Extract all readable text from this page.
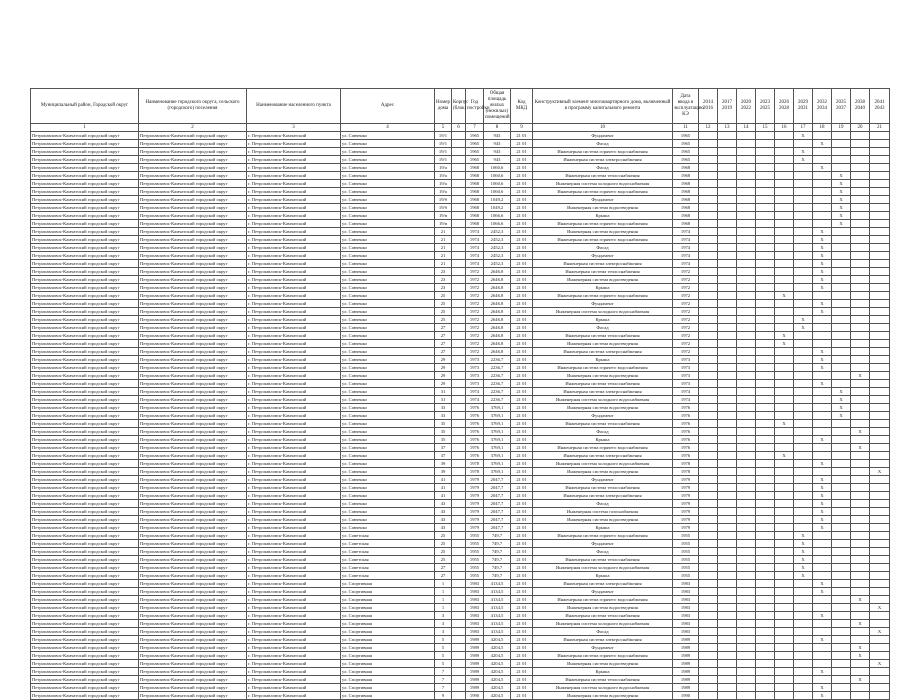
Муниципальный район, Городской округ	Наименование городского округа, сельского (городского) поселения	Наименование населенного пункта	Адрес	Номер дома	Корпус (блок)	Год постройки	Общая площадь жилых (нежилых) помещений	Код МКД	Конструктивный элемент многоквартирного дома, включенный в программу капитального ремонта	Дата ввода в эксплуатацию КЭ	2014 2016	2017 2019	2020 2022	2023 2025	2026 2028	2029 2031	2032 2034	2035 2037	2038 2040	2041 2043
1	2	3	4	5	6	7	8	9	10	11	12	13	14	15	16	17	18	19	20	21
Петропавловск-Камчатский городской округ	Петропавловск-Камчатский городской округ	г. Петропавловск-Камчатский	ул. Савченко	19/1		1965	943	21 01	Фундамент	1965						X				
Петропавловск-Камчатский городской округ	Петропавловск-Камчатский городской округ	г. Петропавловск-Камчатский	ул. Савченко	19/1		1965	943	21 01	Фасад	1965							X			
Петропавловск-Камчатский городской округ	Петропавловск-Камчатский городской округ	г. Петропавловск-Камчатский	ул. Савченко	19/1		1965	943	21 01	Инженерная система горячего водоснабжения	1965						X				
Петропавловск-Камчатский городской округ	Петропавловск-Камчатский городской округ	г. Петропавловск-Камчатский	ул. Савченко	19/1		1965	943	21 01	Инженерная система электроснабжения	1965						X				
Петропавловск-Камчатский городской округ	Петропавловск-Камчатский городской округ	г. Петропавловск-Камчатский	ул. Савченко	19/а		1968	1060,6	21 01	Фасад	1968							X			
Петропавловск-Камчатский городской округ	Петропавловск-Камчатский городской округ	г. Петропавловск-Камчатский	ул. Савченко	19/а		1968	1060,6	21 01	Инженерная система теплоснабжения	1968								X		
Петропавловск-Камчатский городской округ	Петропавловск-Камчатский городской округ	г. Петропавловск-Камчатский	ул. Савченко	19/а		1968	1060,6	21 01	Инженерная система холодного водоснабжения	1968								X		
Петропавловск-Камчатский городской округ	Петропавловск-Камчатский городской округ	г. Петропавловск-Камчатский	ул. Савченко	19/а		1968	1060,6	21 01	Инженерная система горячего водоснабжения	1968								X		
Петропавловск-Камчатский городской округ	Петропавловск-Камчатский городской округ	г. Петропавловск-Камчатский	ул. Савченко	19/б		1968	1049,2	21 01	Фундамент	1968								X		
Петропавловск-Камчатский городской округ	Петропавловск-Камчатский городской округ	г. Петропавловск-Камчатский	ул. Савченко	19/б		1968	1049,2	21 01	Инженерная система водоотведения	1968								X		
Петропавловск-Камчатский городской округ	Петропавловск-Камчатский городской округ	г. Петропавловск-Камчатский	ул. Савченко	19/в		1968	1066,6	21 01	Крыша	1968								X		
Петропавловск-Камчатский городской округ	Петропавловск-Камчатский городской округ	г. Петропавловск-Камчатский	ул. Савченко	19/в		1968	1066,6	21 01	Инженерная система горячего водоснабжения	1968								X		
Петропавловск-Камчатский городской округ	Петропавловск-Камчатский городской округ	г. Петропавловск-Камчатский	ул. Савченко	21		1974	2452,3	21 01	Инженерная система водоотведения	1974							X			
Петропавловск-Камчатский городской округ	Петропавловск-Камчатский городской округ	г. Петропавловск-Камчатский	ул. Савченко	21		1974	2452,3	21 01	Инженерная система горячего водоснабжения	1974							X			
Петропавловск-Камчатский городской округ	Петропавловск-Камчатский городской округ	г. Петропавловск-Камчатский	ул. Савченко	21		1974	2452,3	21 01	Фасад	1974							X			
Петропавловск-Камчатский городской округ	Петропавловск-Камчатский городской округ	г. Петропавловск-Камчатский	ул. Савченко	21		1974	2452,3	21 01	Фундамент	1974							X			
Петропавловск-Камчатский городской округ	Петропавловск-Камчатский городской округ	г. Петропавловск-Камчатский	ул. Савченко	21		1974	2452,3	21 01	Инженерная система электроснабжения	1974							X			
Петропавловск-Камчатский городской округ	Петропавловск-Камчатский городской округ	г. Петропавловск-Камчатский	ул. Савченко	23		1972	2646,8	21 01	Инженерная система теплоснабжения	1972							X			
Петропавловск-Камчатский городской округ	Петропавловск-Камчатский городской округ	г. Петропавловск-Камчатский	ул. Савченко	23		1972	2646,8	21 01	Инженерная система водоотведения	1972							X			
Петропавловск-Камчатский городской округ	Петропавловск-Камчатский городской округ	г. Петропавловск-Камчатский	ул. Савченко	23		1972	2646,8	21 01	Крыша	1972							X			
Петропавловск-Камчатский городской округ	Петропавловск-Камчатский городской округ	г. Петропавловск-Камчатский	ул. Савченко	25		1972	2646,8	21 01	Инженерная система горячего водоснабжения	1972					X					
Петропавловск-Камчатский городской округ	Петропавловск-Камчатский городской округ	г. Петропавловск-Камчатский	ул. Савченко	25		1972	2646,8	21 01	Фундамент	1972							X			
Петропавловск-Камчатский городской округ	Петропавловск-Камчатский городской округ	г. Петропавловск-Камчатский	ул. Савченко	25		1972	2646,8	21 01	Инженерная система холодного водоснабжения	1972							X			
Петропавловск-Камчатский городской округ	Петропавловск-Камчатский городской округ	г. Петропавловск-Камчатский	ул. Савченко	25		1972	2646,8	21 01	Крыша	1972						X				
Петропавловск-Камчатский городской округ	Петропавловск-Камчатский городской округ	г. Петропавловск-Камчатский	ул. Савченко	27		1972	2646,8	21 01	Фасад	1972						X				
Петропавловск-Камчатский городской округ	Петропавловск-Камчатский городской округ	г. Петропавловск-Камчатский	ул. Савченко	27		1972	2646,8	21 01	Инженерная система теплоснабжения	1972					X					
Петропавловск-Камчатский городской округ	Петропавловск-Камчатский городской округ	г. Петропавловск-Камчатский	ул. Савченко	27		1972	2646,8	21 01	Инженерная система водоотведения	1972					X					
Петропавловск-Камчатский городской округ	Петропавловск-Камчатский городской округ	г. Петропавловск-Камчатский	ул. Савченко	27		1972	2646,8	21 01	Инженерная система электроснабжения	1972							X			
Петропавловск-Камчатский городской округ	Петропавловск-Камчатский городской округ	г. Петропавловск-Камчатский	ул. Савченко	29		1973	2236,7	21 01	Крыша	1973							X			
Петропавловск-Камчатский городской округ	Петропавловск-Камчатский городской округ	г. Петропавловск-Камчатский	ул. Савченко	29		1973	2236,7	21 01	Инженерная система горячего водоснабжения	1973							X			
Петропавловск-Камчатский городской округ	Петропавловск-Камчатский городской округ	г. Петропавловск-Камчатский	ул. Савченко	29		1973	2236,7	21 01	Инженерная система водоотведения	1973									X	
Петропавловск-Камчатский городской округ	Петропавловск-Камчатский городской округ	г. Петропавловск-Камчатский	ул. Савченко	29		1973	2236,7	21 01	Инженерная система теплоснабжения	1973							X			
Петропавловск-Камчатский городской округ	Петропавловск-Камчатский городской округ	г. Петропавловск-Камчатский	ул. Савченко	31		1974	2236,7	21 01	Инженерная система электроснабжения	1974								X		
Петропавловск-Камчатский городской округ	Петропавловск-Камчатский городской округ	г. Петропавловск-Камчатский	ул. Савченко	31		1974	2236,7	21 01	Инженерная система холодного водоснабжения	1974								X		
Петропавловск-Камчатский городской округ	Петропавловск-Камчатский городской округ	г. Петропавловск-Камчатский	ул. Савченко	33		1976	3769,1	21 01	Инженерная система водоотведения	1976								X		
Петропавловск-Камчатский городской округ	Петропавловск-Камчатский городской округ	г. Петропавловск-Камчатский	ул. Савченко	33		1976	3769,1	21 01	Фундамент	1976								X		
Петропавловск-Камчатский городской округ	Петропавловск-Камчатский городской округ	г. Петропавловск-Камчатский	ул. Савченко	35		1976	3769,1	21 01	Инженерная система теплоснабжения	1976					X					
Петропавловск-Камчатский городской округ	Петропавловск-Камчатский городской округ	г. Петропавловск-Камчатский	ул. Савченко	35		1976	3769,1	21 01	Фасад	1976									X	
Петропавловск-Камчатский городской округ	Петропавловск-Камчатский городской округ	г. Петропавловск-Камчатский	ул. Савченко	35		1976	3769,1	21 01	Крыша	1976							X			
Петропавловск-Камчатский городской округ	Петропавловск-Камчатский городской округ	г. Петропавловск-Камчатский	ул. Савченко	37		1976	3769,1	21 01	Инженерная система горячего водоснабжения	1976									X	
Петропавловск-Камчатский городской округ	Петропавловск-Камчатский городской округ	г. Петропавловск-Камчатский	ул. Савченко	37		1976	3769,1	21 01	Инженерная система электроснабжения	1976					X					
Петропавловск-Камчатский городской округ	Петропавловск-Камчатский городской округ	г. Петропавловск-Камчатский	ул. Савченко	39		1978	3769,1	21 01	Инженерная система холодного водоснабжения	1978							X			
Петропавловск-Камчатский городской округ	Петропавловск-Камчатский городской округ	г. Петропавловск-Камчатский	ул. Савченко	39		1978	3769,1	21 01	Инженерная система водоотведения	1978										X
Петропавловск-Камчатский городской округ	Петропавловск-Камчатский городской округ	г. Петропавловск-Камчатский	ул. Савченко	41		1979	2047,7	21 01	Фундамент	1979							X			
Петропавловск-Камчатский городской округ	Петропавловск-Камчатский городской округ	г. Петропавловск-Камчатский	ул. Савченко	41		1979	2047,7	21 01	Инженерная система теплоснабжения	1979							X			
Петропавловск-Камчатский городской округ	Петропавловск-Камчатский городской округ	г. Петропавловск-Камчатский	ул. Савченко	41		1979	2047,7	21 01	Инженерная система электроснабжения	1979							X			
Петропавловск-Камчатский городской округ	Петропавловск-Камчатский городской округ	г. Петропавловск-Камчатский	ул. Савченко	43		1979	2047,7	21 01	Фасад	1979							X			
Петропавловск-Камчатский городской округ	Петропавловск-Камчатский городской округ	г. Петропавловск-Камчатский	ул. Савченко	43		1979	2047,7	21 01	Инженерная система газоснабжения	1979							X			
Петропавловск-Камчатский городской округ	Петропавловск-Камчатский городской округ	г. Петропавловск-Камчатский	ул. Савченко	43		1979	2047,7	21 01	Инженерная система водоотведения	1979							X			
Петропавловск-Камчатский городской округ	Петропавловск-Камчатский городской округ	г. Петропавловск-Камчатский	ул. Савченко	43		1979	2047,7	21 01	Крыша	1979							X			
Петропавловск-Камчатский городской округ	Петропавловск-Камчатский городской округ	г. Петропавловск-Камчатский	ул. Советская	25		1955	749,7	21 01	Инженерная система горячего водоснабжения	1955						X				
Петропавловск-Камчатский городской округ	Петропавловск-Камчатский городской округ	г. Петропавловск-Камчатский	ул. Советская	25		1955	749,7	21 01	Фундамент	1955						X				
Петропавловск-Камчатский городской округ	Петропавловск-Камчатский городской округ	г. Петропавловск-Камчатский	ул. Советская	25		1955	749,7	21 01	Фасад	1955						X				
Петропавловск-Камчатский городской округ	Петропавловск-Камчатский городской округ	г. Петропавловск-Камчатский	ул. Советская	25		1955	749,7	21 01	Инженерная система теплоснабжения	1955						X				
Петропавловск-Камчатский городской округ	Петропавловск-Камчатский городской округ	г. Петропавловск-Камчатский	ул. Советская	27		1955	749,7	21 01	Инженерная система холодного водоснабжения	1955						X				
Петропавловск-Камчатский городской округ	Петропавловск-Камчатский городской округ	г. Петропавловск-Камчатский	ул. Советская	27		1955	749,7	21 01	Крыша	1955						X				
Петропавловск-Камчатский городской округ	Петропавловск-Камчатский городской округ	г. Петропавловск-Камчатский	ул. Спортивная	1		1983	4134,5	21 01	Инженерная система электроснабжения	1983							X			
Петропавловск-Камчатский городской округ	Петропавловск-Камчатский городской округ	г. Петропавловск-Камчатский	ул. Спортивная	1		1983	4134,5	21 01	Фундамент	1983							X			
Петропавловск-Камчатский городской округ	Петропавловск-Камчатский городской округ	г. Петропавловск-Камчатский	ул. Спортивная	1		1983	4134,5	21 01	Инженерная система горячего водоснабжения	1983									X	
Петропавловск-Камчатский городской округ	Петропавловск-Камчатский городской округ	г. Петропавловск-Камчатский	ул. Спортивная	1		1983	4134,5	21 01	Инженерная система водоотведения	1983										X
Петропавловск-Камчатский городской округ	Петропавловск-Камчатский городской округ	г. Петропавловск-Камчатский	ул. Спортивная	3		1983	4134,5	21 01	Инженерная система теплоснабжения	1983							X			
Петропавловск-Камчатский городской округ	Петропавловск-Камчатский городской округ	г. Петропавловск-Камчатский	ул. Спортивная	3		1983	4134,5	21 01	Инженерная система холодного водоснабжения	1983									X	
Петропавловск-Камчатский городской округ	Петропавловск-Камчатский городской округ	г. Петропавловск-Камчатский	ул. Спортивная	3		1983	4134,5	21 01	Фасад	1983										X
Петропавловск-Камчатский городской округ	Петропавловск-Камчатский городской округ	г. Петропавловск-Камчатский	ул. Спортивная	5		1989	4204,5	21 01	Инженерная система электроснабжения	1989							X			
Петропавловск-Камчатский городской округ	Петропавловск-Камчатский городской округ	г. Петропавловск-Камчатский	ул. Спортивная	5		1989	4204,5	21 01	Фундамент	1989									X	
Петропавловск-Камчатский городской округ	Петропавловск-Камчатский городской округ	г. Петропавловск-Камчатский	ул. Спортивная	5		1989	4204,5	21 01	Инженерная система горячего водоснабжения	1989									X	
Петропавловск-Камчатский городской округ	Петропавловск-Камчатский городской округ	г. Петропавловск-Камчатский	ул. Спортивная	5		1989	4204,5	21 01	Инженерная система водоотведения	1989										X
Петропавловск-Камчатский городской округ	Петропавловск-Камчатский городской округ	г. Петропавловск-Камчатский	ул. Спортивная	7		1989	4204,5	21 01	Крыша	1989							X			
Петропавловск-Камчатский городской округ	Петропавловск-Камчатский городской округ	г. Петропавловск-Камчатский	ул. Спортивная	7		1989	4204,5	21 01	Инженерная система теплоснабжения	1989									X	
Петропавловск-Камчатский городской округ	Петропавловск-Камчатский городской округ	г. Петропавловск-Камчатский	ул. Спортивная	7		1989	4204,5	21 01	Инженерная система холодного водоснабжения	1989							X			
Петропавловск-Камчатский городской округ	Петропавловск-Камчатский городской округ	г. Петропавловск-Камчатский	ул. Спортивная	9		1990	4204,5	21 01	Инженерная система водоотведения	1990							X			
